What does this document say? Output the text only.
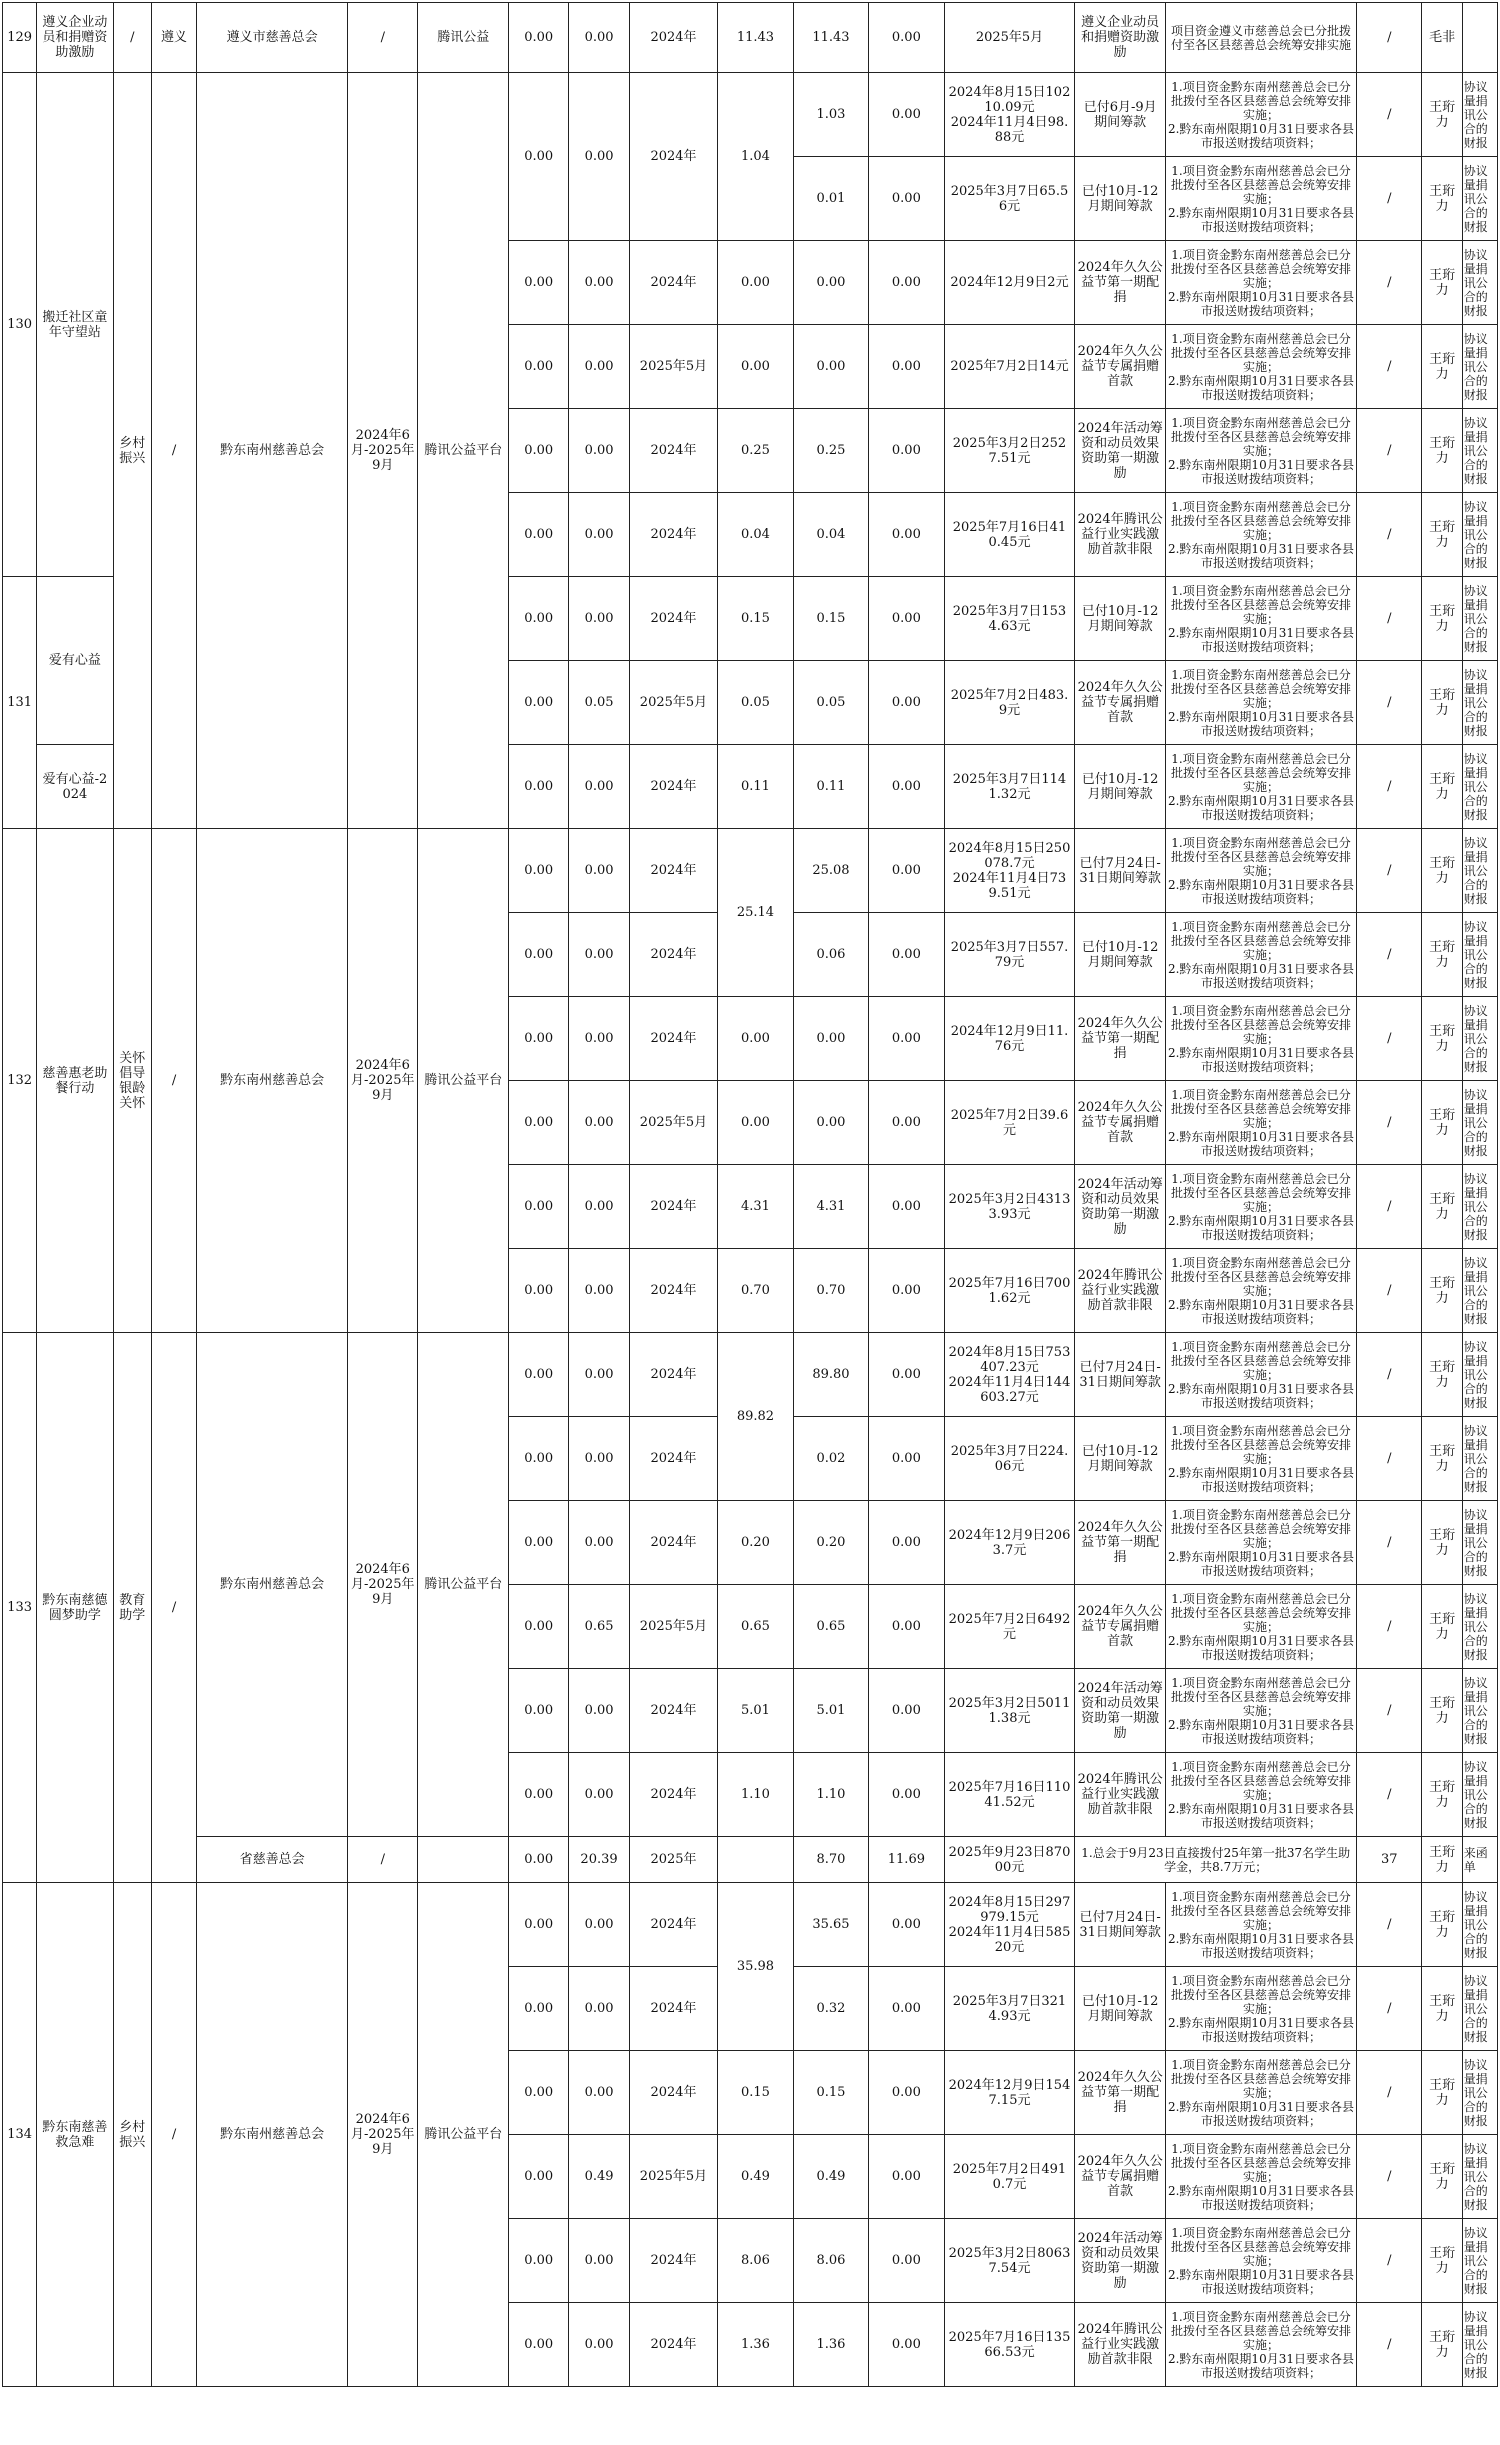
129	遵义企业动员和捐赠资助激励	/	遵义	遵义市慈善总会	/	腾讯公益	0.00	0.00	2024年	11.43	11.43	0.00	2025年5月	遵义企业动员和捐赠资助激励	项目资金遵义市慈善总会已分批拨付至各区县慈善总会统筹安排实施	/	毛非	
130	搬迁社区童年守望站	乡村振兴	/	黔东南州慈善总会	2024年6月-2025年9月	腾讯公益平台	0.00	0.00	2024年	1.04	1.03	0.00	2024年8月15日10210.09元
2024年11月4日98.88元	已付6月-9月期间筹款	1.项目资金黔东南州慈善总会已分批拨付至各区县慈善总会统筹安排实施；
2.黔东南州限期10月31日要求各县市报送财拨结项资料；	/	王珩力	协议量捐讯公合的财报
											0.01	0.00	2025年3月7日65.56元	已付10月-12月期间筹款	1.项目资金黔东南州慈善总会已分批拨付至各区县慈善总会统筹安排实施；
2.黔东南州限期10月31日要求各县市报送财拨结项资料；	/	王珩力	协议量捐讯公合的财报
							0.00	0.00	2024年	0.00	0.00	0.00	2024年12月9日2元	2024年久久公益节第一期配捐	1.项目资金黔东南州慈善总会已分批拨付至各区县慈善总会统筹安排实施；
2.黔东南州限期10月31日要求各县市报送财拨结项资料；	/	王珩力	协议量捐讯公合的财报
							0.00	0.00	2025年5月	0.00	0.00	0.00	2025年7月2日14元	2024年久久公益节专属捐赠首款	1.项目资金黔东南州慈善总会已分批拨付至各区县慈善总会统筹安排实施；
2.黔东南州限期10月31日要求各县市报送财拨结项资料；	/	王珩力	协议量捐讯公合的财报
							0.00	0.00	2024年	0.25	0.25	0.00	2025年3月2日2527.51元	2024年活动筹资和动员效果资助第一期激励	1.项目资金黔东南州慈善总会已分批拨付至各区县慈善总会统筹安排实施；
2.黔东南州限期10月31日要求各县市报送财拨结项资料；	/	王珩力	协议量捐讯公合的财报
							0.00	0.00	2024年	0.04	0.04	0.00	2025年7月16日410.45元	2024年腾讯公益行业实践激励首款非限	1.项目资金黔东南州慈善总会已分批拨付至各区县慈善总会统筹安排实施；
2.黔东南州限期10月31日要求各县市报送财拨结项资料；	/	王珩力	协议量捐讯公合的财报
131	爱有心益						0.00	0.00	2024年	0.15	0.15	0.00	2025年3月7日1534.63元	已付10月-12月期间筹款	1.项目资金黔东南州慈善总会已分批拨付至各区县慈善总会统筹安排实施；
2.黔东南州限期10月31日要求各县市报送财拨结项资料；	/	王珩力	协议量捐讯公合的财报
							0.00	0.05	2025年5月	0.05	0.05	0.00	2025年7月2日483.9元	2024年久久公益节专属捐赠首款	1.项目资金黔东南州慈善总会已分批拨付至各区县慈善总会统筹安排实施；
2.黔东南州限期10月31日要求各县市报送财拨结项资料；	/	王珩力	协议量捐讯公合的财报
	爱有心益-2024						0.00	0.00	2024年	0.11	0.11	0.00	2025年3月7日1141.32元	已付10月-12月期间筹款	1.项目资金黔东南州慈善总会已分批拨付至各区县慈善总会统筹安排实施；
2.黔东南州限期10月31日要求各县市报送财拨结项资料；	/	王珩力	协议量捐讯公合的财报
132	慈善惠老助餐行动	关怀倡导银龄关怀	/	黔东南州慈善总会	2024年6月-2025年9月	腾讯公益平台	0.00	0.00	2024年	25.14	25.08	0.00	2024年8月15日250078.7元
2024年11月4日739.51元	已付7月24日-31日期间筹款	1.项目资金黔东南州慈善总会已分批拨付至各区县慈善总会统筹安排实施；
2.黔东南州限期10月31日要求各县市报送财拨结项资料；	/	王珩力	协议量捐讯公合的财报
							0.00	0.00	2024年		0.06	0.00	2025年3月7日557.79元	已付10月-12月期间筹款	1.项目资金黔东南州慈善总会已分批拨付至各区县慈善总会统筹安排实施；
2.黔东南州限期10月31日要求各县市报送财拨结项资料；	/	王珩力	协议量捐讯公合的财报
							0.00	0.00	2024年	0.00	0.00	0.00	2024年12月9日11.76元	2024年久久公益节第一期配捐	1.项目资金黔东南州慈善总会已分批拨付至各区县慈善总会统筹安排实施；
2.黔东南州限期10月31日要求各县市报送财拨结项资料；	/	王珩力	协议量捐讯公合的财报
							0.00	0.00	2025年5月	0.00	0.00	0.00	2025年7月2日39.6元	2024年久久公益节专属捐赠首款	1.项目资金黔东南州慈善总会已分批拨付至各区县慈善总会统筹安排实施；
2.黔东南州限期10月31日要求各县市报送财拨结项资料；	/	王珩力	协议量捐讯公合的财报
							0.00	0.00	2024年	4.31	4.31	0.00	2025年3月2日43133.93元	2024年活动筹资和动员效果资助第一期激励	1.项目资金黔东南州慈善总会已分批拨付至各区县慈善总会统筹安排实施；
2.黔东南州限期10月31日要求各县市报送财拨结项资料；	/	王珩力	协议量捐讯公合的财报
							0.00	0.00	2024年	0.70	0.70	0.00	2025年7月16日7001.62元	2024年腾讯公益行业实践激励首款非限	1.项目资金黔东南州慈善总会已分批拨付至各区县慈善总会统筹安排实施；
2.黔东南州限期10月31日要求各县市报送财拨结项资料；	/	王珩力	协议量捐讯公合的财报
133	黔东南慈德圆梦助学	教育助学	/	黔东南州慈善总会	2024年6月-2025年9月	腾讯公益平台	0.00	0.00	2024年	89.82	89.80	0.00	2024年8月15日753407.23元
2024年11月4日144603.27元	已付7月24日-31日期间筹款	1.项目资金黔东南州慈善总会已分批拨付至各区县慈善总会统筹安排实施；
2.黔东南州限期10月31日要求各县市报送财拨结项资料；	/	王珩力	协议量捐讯公合的财报
							0.00	0.00	2024年		0.02	0.00	2025年3月7日224.06元	已付10月-12月期间筹款	1.项目资金黔东南州慈善总会已分批拨付至各区县慈善总会统筹安排实施；
2.黔东南州限期10月31日要求各县市报送财拨结项资料；	/	王珩力	协议量捐讯公合的财报
							0.00	0.00	2024年	0.20	0.20	0.00	2024年12月9日2063.7元	2024年久久公益节第一期配捐	1.项目资金黔东南州慈善总会已分批拨付至各区县慈善总会统筹安排实施；
2.黔东南州限期10月31日要求各县市报送财拨结项资料；	/	王珩力	协议量捐讯公合的财报
							0.00	0.65	2025年5月	0.65	0.65	0.00	2025年7月2日6492元	2024年久久公益节专属捐赠首款	1.项目资金黔东南州慈善总会已分批拨付至各区县慈善总会统筹安排实施；
2.黔东南州限期10月31日要求各县市报送财拨结项资料；	/	王珩力	协议量捐讯公合的财报
							0.00	0.00	2024年	5.01	5.01	0.00	2025年3月2日50111.38元	2024年活动筹资和动员效果资助第一期激励	1.项目资金黔东南州慈善总会已分批拨付至各区县慈善总会统筹安排实施；
2.黔东南州限期10月31日要求各县市报送财拨结项资料；	/	王珩力	协议量捐讯公合的财报
							0.00	0.00	2024年	1.10	1.10	0.00	2025年7月16日11041.52元	2024年腾讯公益行业实践激励首款非限	1.项目资金黔东南州慈善总会已分批拨付至各区县慈善总会统筹安排实施；
2.黔东南州限期10月31日要求各县市报送财拨结项资料；	/	王珩力	协议量捐讯公合的财报
				省慈善总会	/		0.00	20.39	2025年		8.70	11.69	2025年9月23日87000元	1.总会于9月23日直接拨付25年第一批37名学生助学金，共8.7万元；		37	王珩力	来函单
134	黔东南慈善救急难	乡村振兴	/	黔东南州慈善总会	2024年6月-2025年9月	腾讯公益平台	0.00	0.00	2024年	35.98	35.65	0.00	2024年8月15日297979.15元
2024年11月4日58520元	已付7月24日-31日期间筹款	1.项目资金黔东南州慈善总会已分批拨付至各区县慈善总会统筹安排实施；
2.黔东南州限期10月31日要求各县市报送财拨结项资料；	/	王珩力	协议量捐讯公合的财报
							0.00	0.00	2024年		0.32	0.00	2025年3月7日3214.93元	已付10月-12月期间筹款	1.项目资金黔东南州慈善总会已分批拨付至各区县慈善总会统筹安排实施；
2.黔东南州限期10月31日要求各县市报送财拨结项资料；	/	王珩力	协议量捐讯公合的财报
							0.00	0.00	2024年	0.15	0.15	0.00	2024年12月9日1547.15元	2024年久久公益节第一期配捐	1.项目资金黔东南州慈善总会已分批拨付至各区县慈善总会统筹安排实施；
2.黔东南州限期10月31日要求各县市报送财拨结项资料；	/	王珩力	协议量捐讯公合的财报
							0.00	0.49	2025年5月	0.49	0.49	0.00	2025年7月2日4910.7元	2024年久久公益节专属捐赠首款	1.项目资金黔东南州慈善总会已分批拨付至各区县慈善总会统筹安排实施；
2.黔东南州限期10月31日要求各县市报送财拨结项资料；	/	王珩力	协议量捐讯公合的财报
							0.00	0.00	2024年	8.06	8.06	0.00	2025年3月2日80637.54元	2024年活动筹资和动员效果资助第一期激励	1.项目资金黔东南州慈善总会已分批拨付至各区县慈善总会统筹安排实施；
2.黔东南州限期10月31日要求各县市报送财拨结项资料；	/	王珩力	协议量捐讯公合的财报
							0.00	0.00	2024年	1.36	1.36	0.00	2025年7月16日13566.53元	2024年腾讯公益行业实践激励首款非限	1.项目资金黔东南州慈善总会已分批拨付至各区县慈善总会统筹安排实施；
2.黔东南州限期10月31日要求各县市报送财拨结项资料；	/	王珩力	协议量捐讯公合的财报
